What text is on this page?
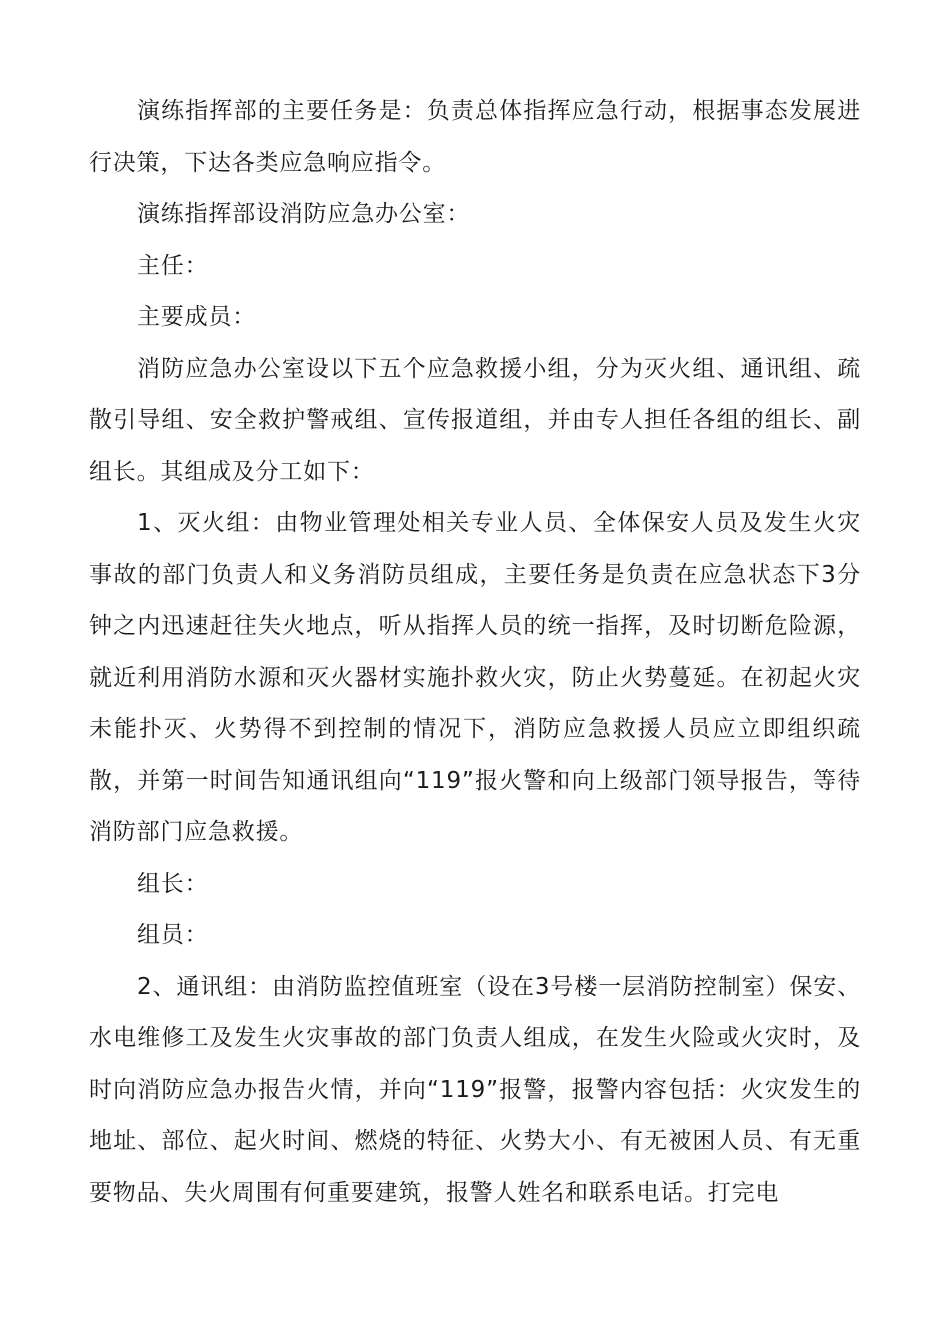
演练指挥部的主要任务是：负责总体指挥应急行动，根据事态发展进行决策，下达各类应急响应指令。

演练指挥部设消防应急办公室：

主任：

主要成员：

消防应急办公室设以下五个应急救援小组，分为灭火组、通讯组、疏散引导组、安全救护警戒组、宣传报道组，并由专人担任各组的组长、副组长。其组成及分工如下：

1、灭火组：由物业管理处相关专业人员、全体保安人员及发生火灾事故的部门负责人和义务消防员组成，主要任务是负责在应急状态下3分钟之内迅速赶往失火地点，听从指挥人员的统一指挥，及时切断危险源，就近利用消防水源和灭火器材实施扑救火灾，防止火势蔓延。在初起火灾未能扑灭、火势得不到控制的情况下，消防应急救援人员应立即组织疏散，并第一时间告知通讯组向“119”报火警和向上级部门领导报告，等待消防部门应急救援。

组长：

组员：

2、通讯组：由消防监控值班室（设在3号楼一层消防控制室）保安、水电维修工及发生火灾事故的部门负责人组成，在发生火险或火灾时，及时向消防应急办报告火情，并向“119”报警，报警内容包括：火灾发生的地址、部位、起火时间、燃烧的特征、火势大小、有无被困人员、有无重要物品、失火周围有何重要建筑，报警人姓名和联系电话。打完电
